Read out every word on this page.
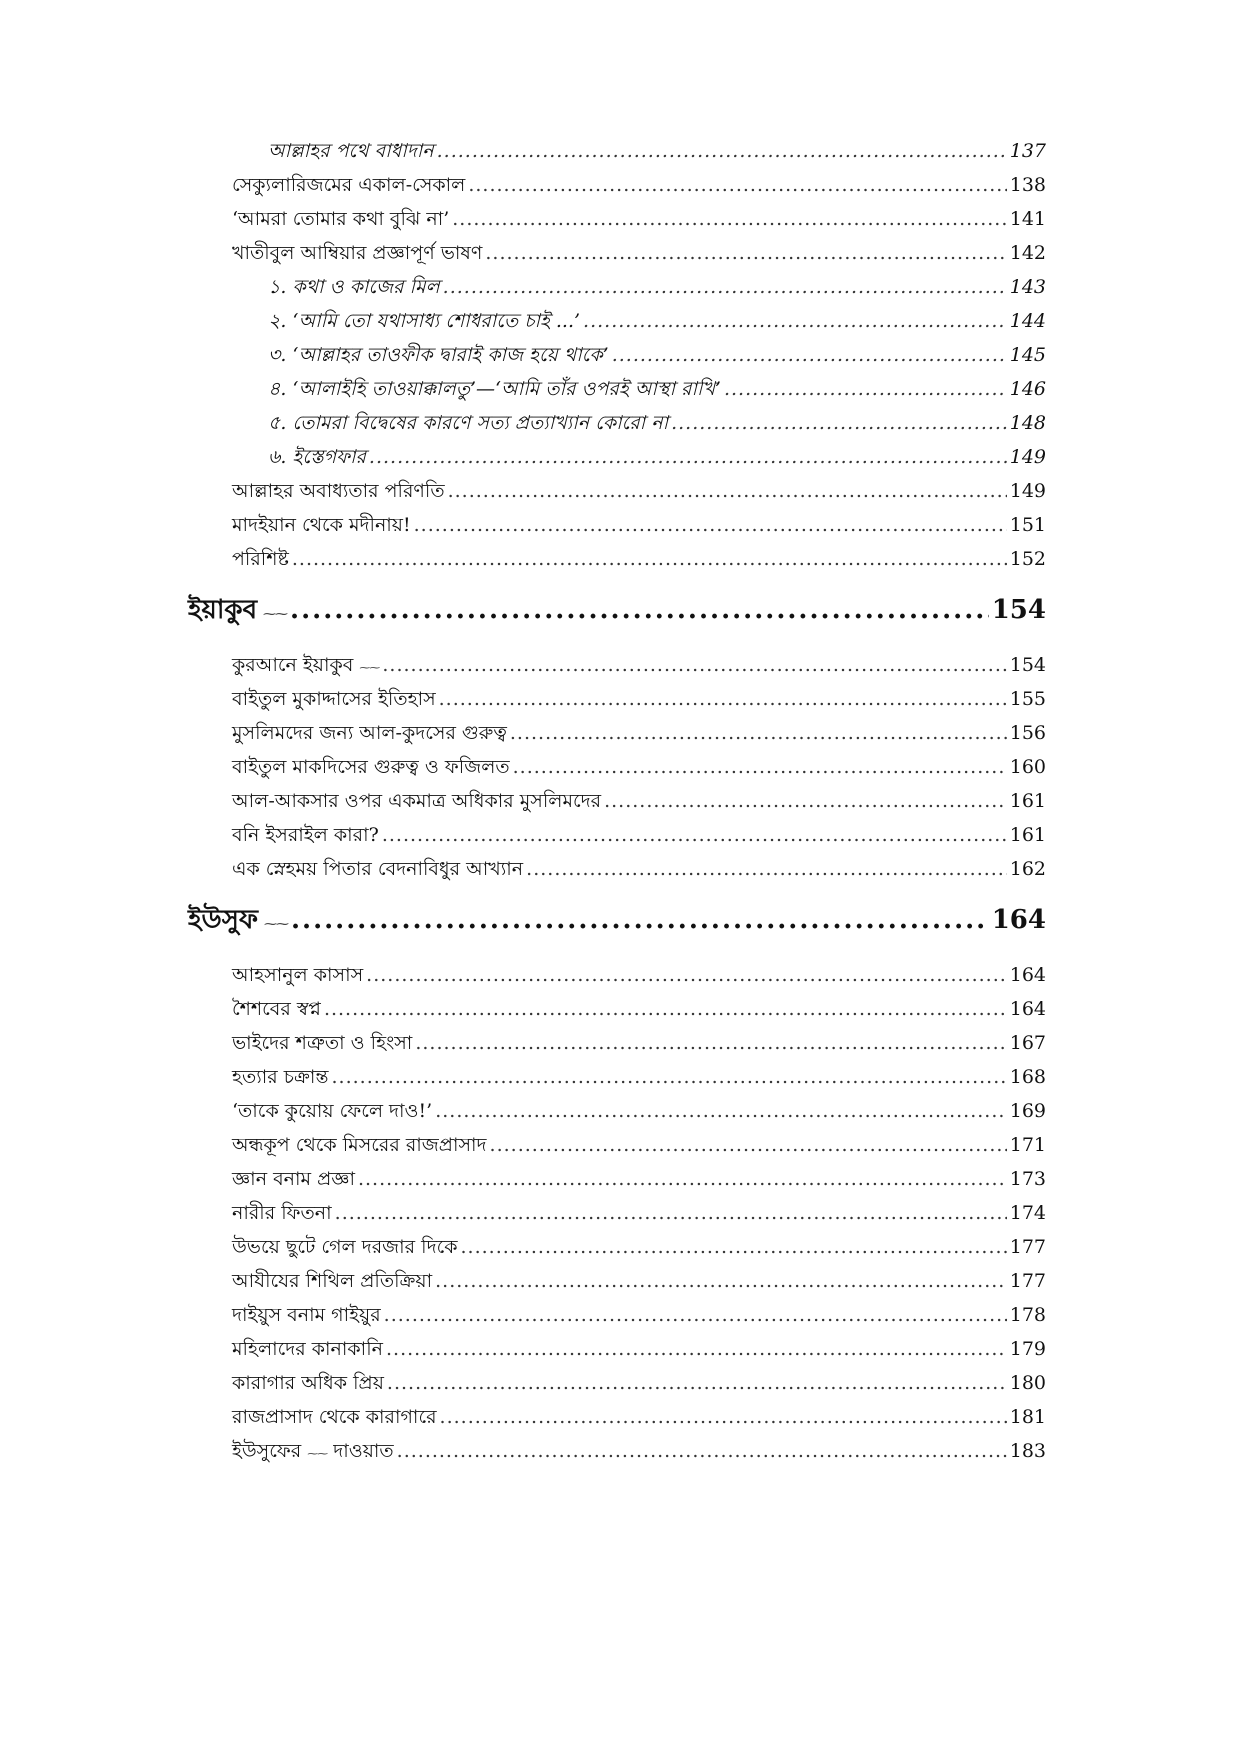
আল্লাহর পথে বাধাদান .....	137
সেক্যুলারিজমের একাল-সেকাল .....	138
‘আমরা তোমার কথা বুঝি না’ .....	141
খাতীবুল আম্বিয়ার প্রজ্ঞাপূর্ণ ভাষণ .....	142
১. কথা ও কাজের মিল .....	143
২. ‘আমি তো যথাসাধ্য শোধরাতে চাই ...’ .....	144
৩. ‘আল্লাহর তাওফীক দ্বারাই কাজ হয়ে থাকে’ .....	145
৪. ‘আলাইহি তাওয়াক্কালতু’—‘আমি তাঁর ওপরই আস্থা রাখি’ .....	146
৫. তোমরা বিদ্বেষের কারণে সত্য প্রত্যাখ্যান কোরো না .....	148
৬. ইস্তেগফার .....	149
আল্লাহর অবাধ্যতার পরিণতি .....	149
মাদইয়ান থেকে মদীনায়! .....	151
পরিশিষ্ট .....	152
ইয়াকুব ⁓⁓ .....	154
কুরআনে ইয়াকুব ⁓⁓ .....	154
বাইতুল মুকাদ্দাসের ইতিহাস .....	155
মুসলিমদের জন্য আল-কুদসের গুরুত্ব .....	156
বাইতুল মাকদিসের গুরুত্ব ও ফজিলত .....	160
আল-আকসার ওপর একমাত্র অধিকার মুসলিমদের .....	161
বনি ইসরাইল কারা? .....	161
এক স্নেহময় পিতার বেদনাবিধুর আখ্যান .....	162
ইউসুফ ⁓⁓ .....	164
আহসানুল কাসাস .....	164
শৈশবের স্বপ্ন .....	164
ভাইদের শত্রুতা ও হিংসা .....	167
হত্যার চক্রান্ত .....	168
‘তাকে কুয়োয় ফেলে দাও!’ .....	169
অন্ধকূপ থেকে মিসরের রাজপ্রাসাদ .....	171
জ্ঞান বনাম প্রজ্ঞা .....	173
নারীর ফিতনা .....	174
উভয়ে ছুটে গেল দরজার দিকে .....	177
আযীযের শিথিল প্রতিক্রিয়া .....	177
দাইয়ুস বনাম গাইয়ুর .....	178
মহিলাদের কানাকানি .....	179
কারাগার অধিক প্রিয় .....	180
রাজপ্রাসাদ থেকে কারাগারে .....	181
ইউসুফের ⁓⁓ দাওয়াত .....	183
